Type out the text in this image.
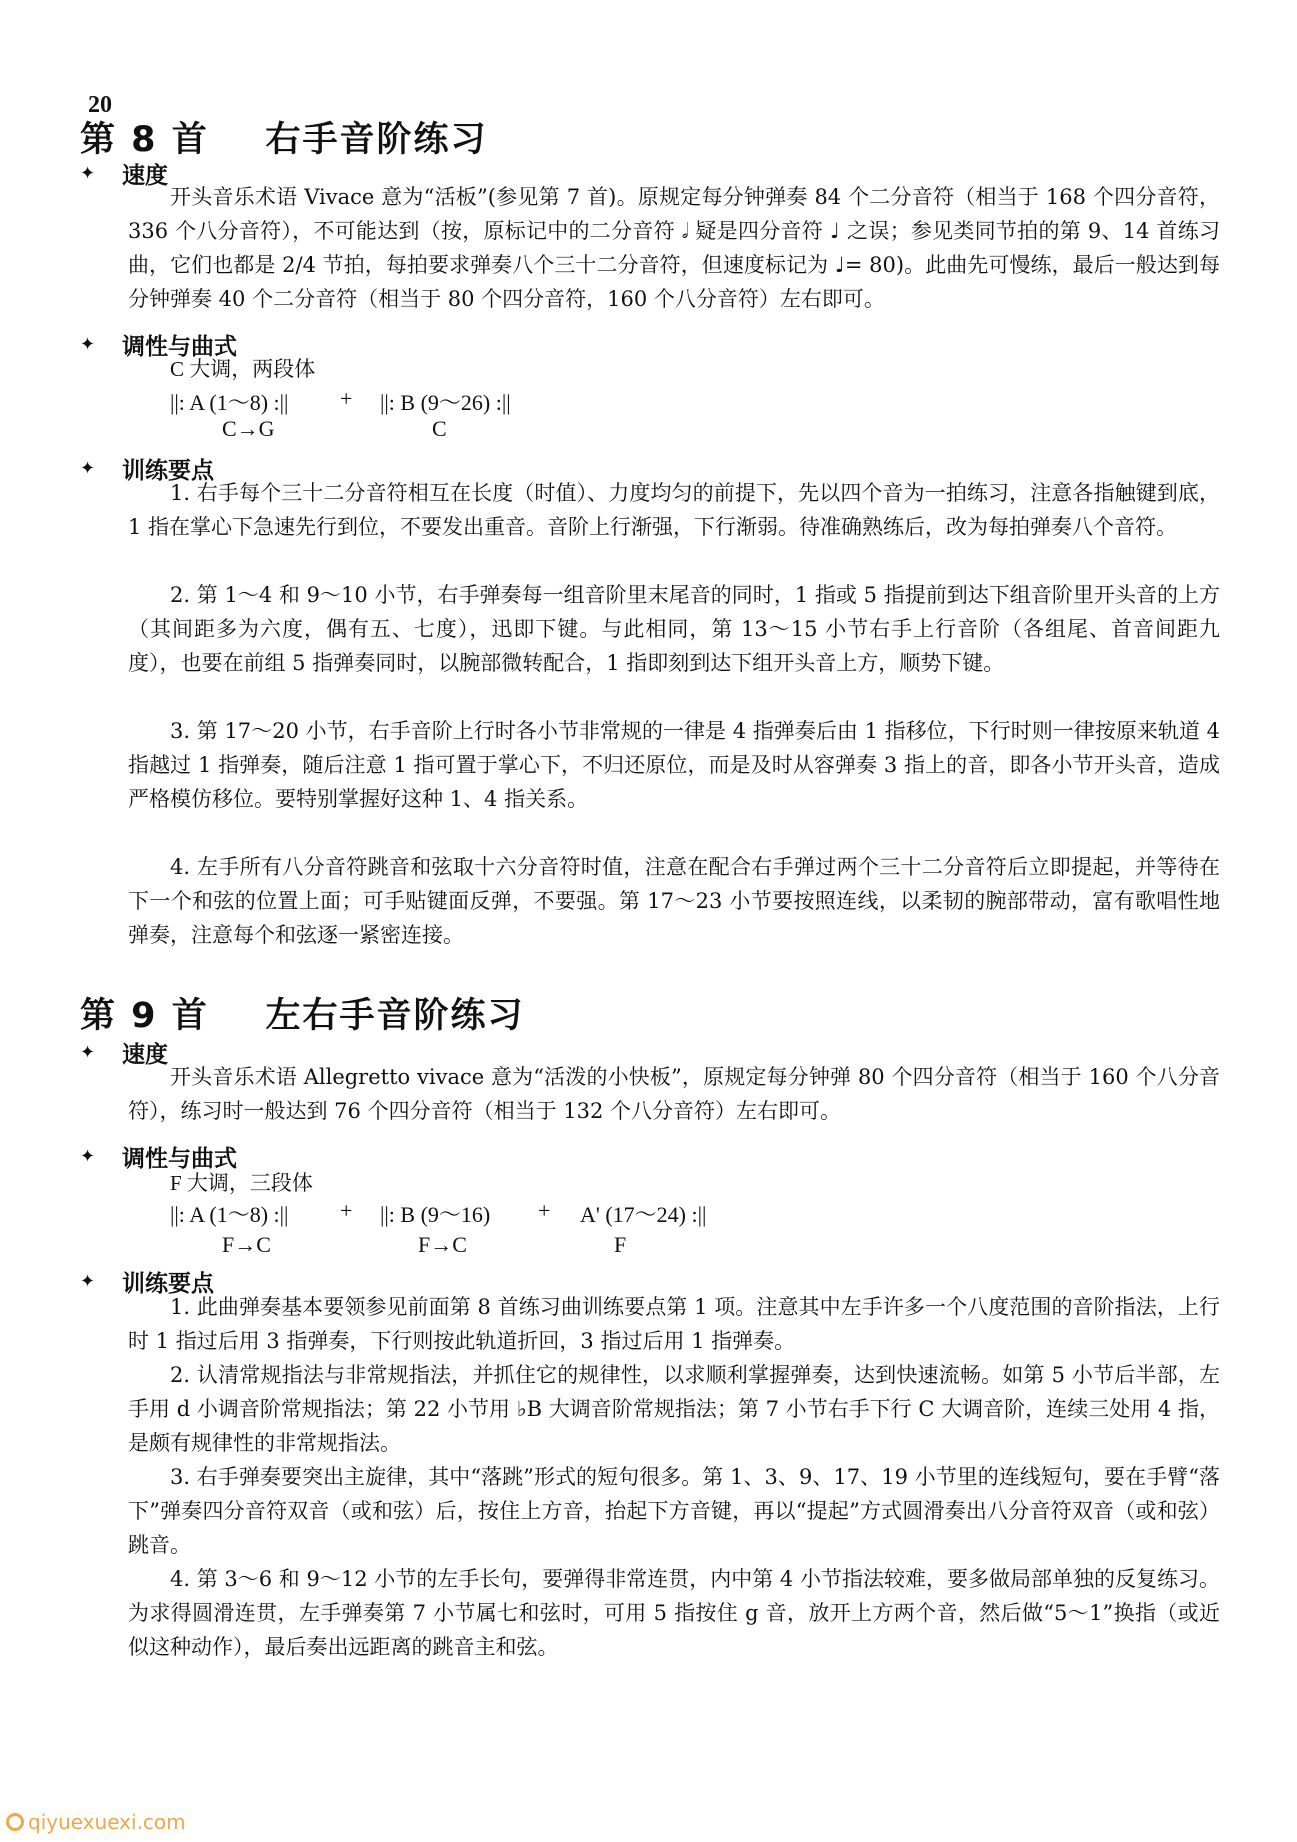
20
第 8 首    右手音阶练习
✦	速度
开头音乐术语 Vivace 意为“活板”(参见第 7 首)。原规定每分钟弹奏 84 个二分音符（相当于 168 个四分音符，336 个八分音符），不可能达到（按，原标记中的二分音符 𝅗𝅥 疑是四分音符 ♩ 之误；参见类同节拍的第 9、14 首练习曲，它们也都是 2/4 节拍，每拍要求弹奏八个三十二分音符，但速度标记为 ♩= 80)。此曲先可慢练，最后一般达到每分钟弹奏 40 个二分音符（相当于 80 个四分音符，160 个八分音符）左右即可。
✦	调性与曲式
C 大调，两段体
||: A (1～8) :|| + ||: B (9～26) :||
C→G	C
✦	训练要点
1. 右手每个三十二分音符相互在长度（时值）、力度均匀的前提下，先以四个音为一拍练习，注意各指触键到底，1 指在掌心下急速先行到位，不要发出重音。音阶上行渐强，下行渐弱。待准确熟练后，改为每拍弹奏八个音符。
2. 第 1～4 和 9～10 小节，右手弹奏每一组音阶里末尾音的同时，1 指或 5 指提前到达下组音阶里开头音的上方（其间距多为六度，偶有五、七度），迅即下键。与此相同，第 13～15 小节右手上行音阶（各组尾、首音间距九度），也要在前组 5 指弹奏同时，以腕部微转配合，1 指即刻到达下组开头音上方，顺势下键。
3. 第 17～20 小节，右手音阶上行时各小节非常规的一律是 4 指弹奏后由 1 指移位，下行时则一律按原来轨道 4 指越过 1 指弹奏，随后注意 1 指可置于掌心下，不归还原位，而是及时从容弹奏 3 指上的音，即各小节开头音，造成严格模仿移位。要特别掌握好这种 1、4 指关系。
4. 左手所有八分音符跳音和弦取十六分音符时值，注意在配合右手弹过两个三十二分音符后立即提起，并等待在下一个和弦的位置上面；可手贴键面反弹，不要强。第 17～23 小节要按照连线，以柔韧的腕部带动，富有歌唱性地弹奏，注意每个和弦逐一紧密连接。
第 9 首    左右手音阶练习
✦	速度
开头音乐术语 Allegretto vivace 意为“活泼的小快板”，原规定每分钟弹 80 个四分音符（相当于 160 个八分音符），练习时一般达到 76 个四分音符（相当于 132 个八分音符）左右即可。
✦	调性与曲式
F 大调，三段体
||: A (1～8) :|| + ||: B (9～16) + A' (17～24) :||
F→C	F→C	F
✦	训练要点
1. 此曲弹奏基本要领参见前面第 8 首练习曲训练要点第 1 项。注意其中左手许多一个八度范围的音阶指法，上行时 1 指过后用 3 指弹奏，下行则按此轨道折回，3 指过后用 1 指弹奏。
2. 认清常规指法与非常规指法，并抓住它的规律性，以求顺利掌握弹奏，达到快速流畅。如第 5 小节后半部，左手用 d 小调音阶常规指法；第 22 小节用 ♭B 大调音阶常规指法；第 7 小节右手下行 C 大调音阶，连续三处用 4 指，是颇有规律性的非常规指法。
3. 右手弹奏要突出主旋律，其中“落跳”形式的短句很多。第 1、3、9、17、19 小节里的连线短句，要在手臂“落下”弹奏四分音符双音（或和弦）后，按住上方音，抬起下方音键，再以“提起”方式圆滑奏出八分音符双音（或和弦）跳音。
4. 第 3～6 和 9～12 小节的左手长句，要弹得非常连贯，内中第 4 小节指法较难，要多做局部单独的反复练习。为求得圆滑连贯，左手弹奏第 7 小节属七和弦时，可用 5 指按住 g 音，放开上方两个音，然后做“5～1”换指（或近似这种动作），最后奏出远距离的跳音主和弦。
qiyuexuexi.com
